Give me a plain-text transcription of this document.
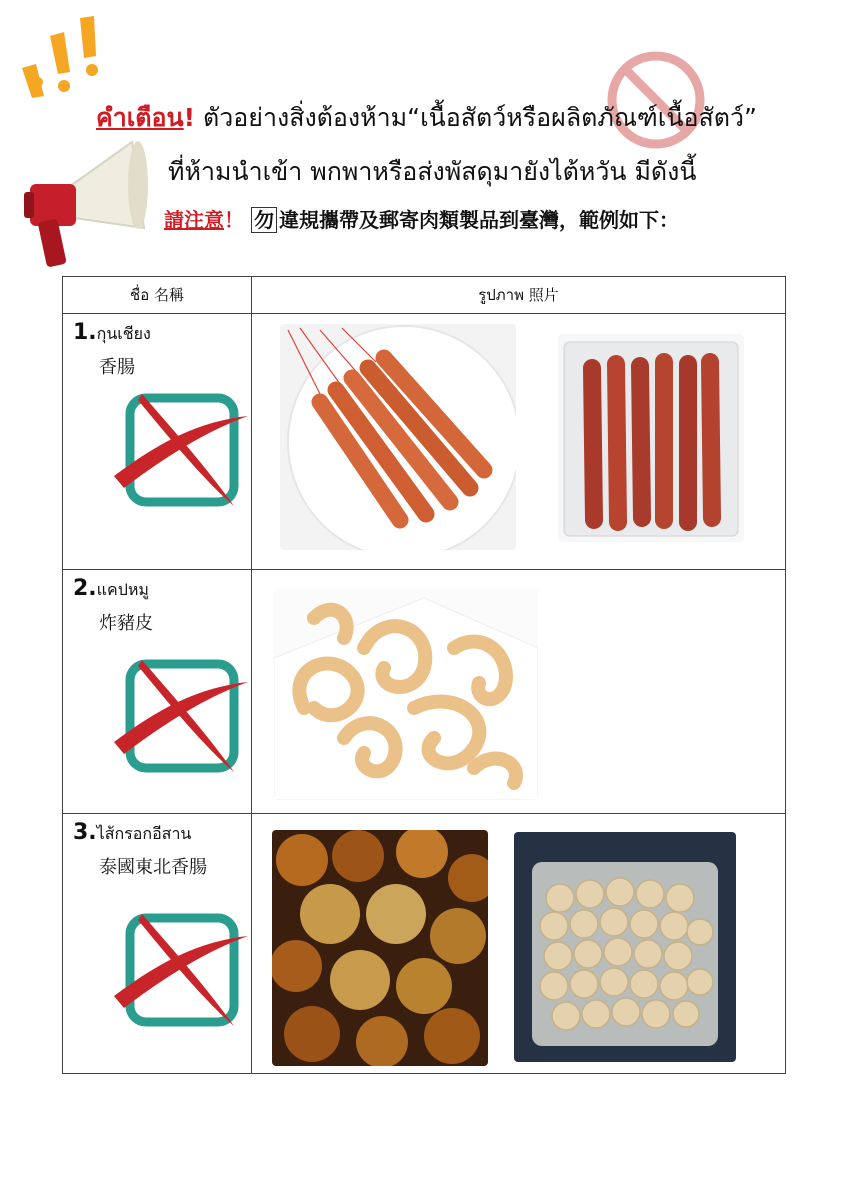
คำเตือน! ตัวอย่างสิ่งต้องห้าม“เนื้อสัตว์หรือผลิตภัณฑ์เนื้อสัตว์”
ที่ห้ามนำเข้า พกพาหรือส่งพัสดุมายังไต้หวัน มีดังนี้
請注意！ 勿 違規攜帶及郵寄肉類製品到臺灣，範例如下：
ชื่อ 名稱	รูปภาพ 照片

1.กุนเชียง
香腸	

2.แคปหมู
炸豬皮	

3.ไส้กรอกอีสาน
泰國東北香腸	
